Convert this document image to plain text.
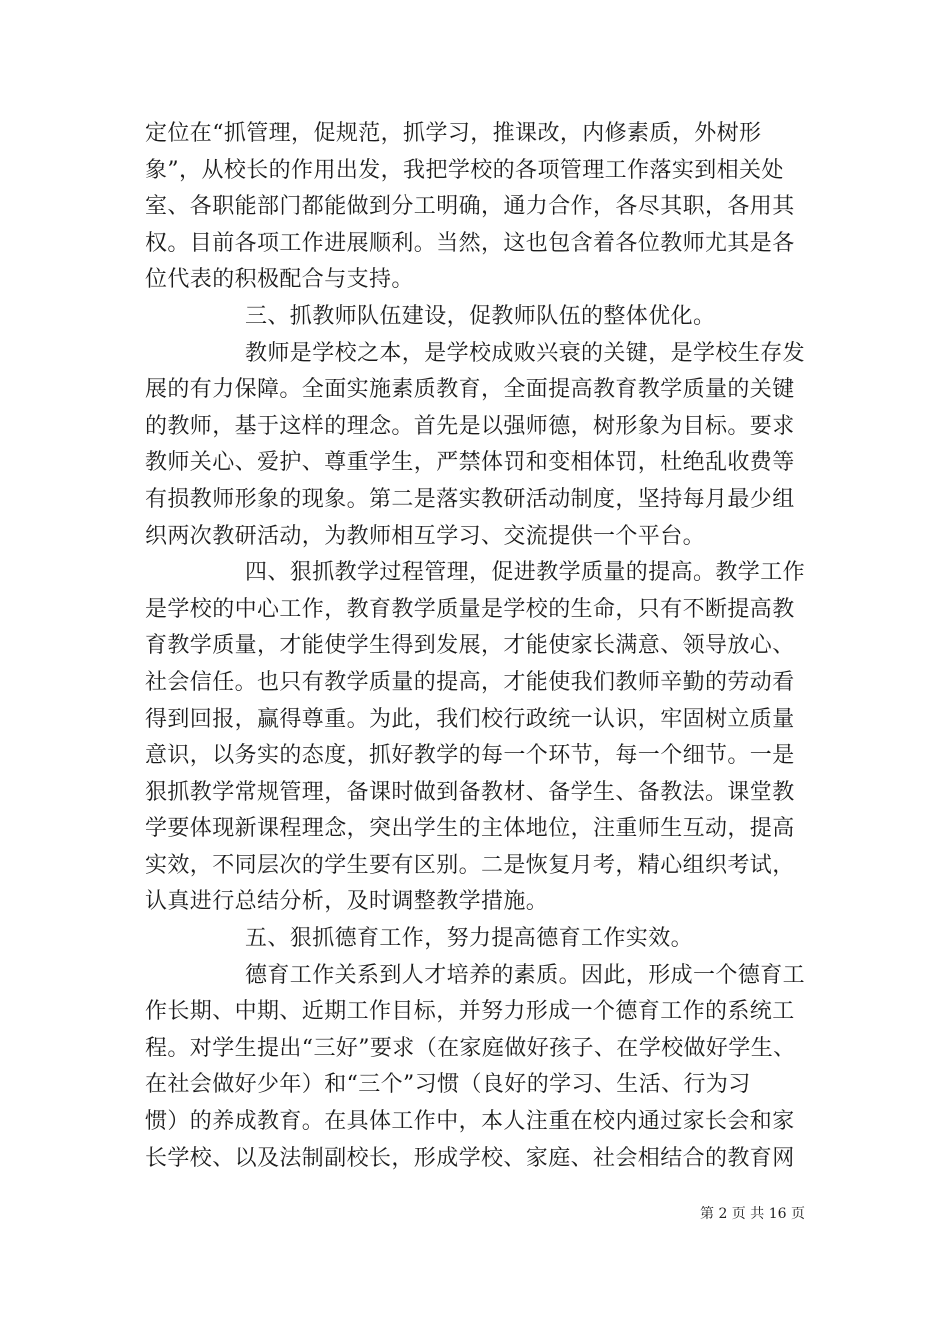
定位在“抓管理，促规范，抓学习，推课改，内修素质，外树形
象”，从校长的作用出发，我把学校的各项管理工作落实到相关处
室、各职能部门都能做到分工明确，通力合作，各尽其职，各用其
权。目前各项工作进展顺利。当然，这也包含着各位教师尤其是各
位代表的积极配合与支持。
三、抓教师队伍建设，促教师队伍的整体优化。
教师是学校之本，是学校成败兴衰的关键，是学校生存发
展的有力保障。全面实施素质教育，全面提高教育教学质量的关键
的教师，基于这样的理念。首先是以强师德，树形象为目标。要求
教师关心、爱护、尊重学生，严禁体罚和变相体罚，杜绝乱收费等
有损教师形象的现象。第二是落实教研活动制度，坚持每月最少组
织两次教研活动，为教师相互学习、交流提供一个平台。
四、狠抓教学过程管理，促进教学质量的提高。教学工作
是学校的中心工作，教育教学质量是学校的生命，只有不断提高教
育教学质量，才能使学生得到发展，才能使家长满意、领导放心、
社会信任。也只有教学质量的提高，才能使我们教师辛勤的劳动看
得到回报，赢得尊重。为此，我们校行政统一认识，牢固树立质量
意识，以务实的态度，抓好教学的每一个环节，每一个细节。一是
狠抓教学常规管理，备课时做到备教材、备学生、备教法。课堂教
学要体现新课程理念，突出学生的主体地位，注重师生互动，提高
实效，不同层次的学生要有区别。二是恢复月考，精心组织考试，
认真进行总结分析，及时调整教学措施。
五、狠抓德育工作，努力提高德育工作实效。
德育工作关系到人才培养的素质。因此，形成一个德育工
作长期、中期、近期工作目标，并努力形成一个德育工作的系统工
程。对学生提出“三好”要求（在家庭做好孩子、在学校做好学生、
在社会做好少年）和“三个”习惯（良好的学习、生活、行为习
惯）的养成教育。在具体工作中，本人注重在校内通过家长会和家
长学校、以及法制副校长，形成学校、家庭、社会相结合的教育网
第 2 页 共 16 页
